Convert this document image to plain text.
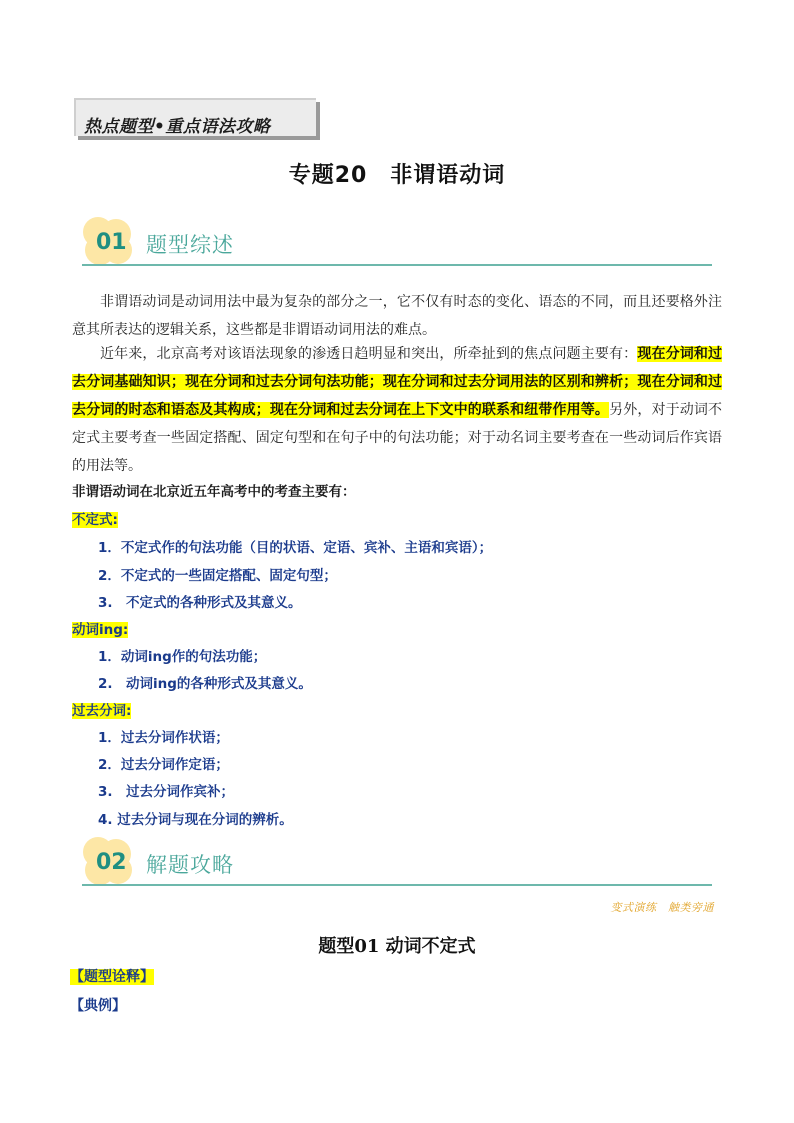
热点题型•重点语法攻略
专题20　非谓语动词
01 题型综述
非谓语动词是动词用法中最为复杂的部分之一，它不仅有时态的变化、语态的不同，而且还要格外注意其所表达的逻辑关系，这些都是非谓语动词用法的难点。
近年来，北京高考对该语法现象的渗透日趋明显和突出，所牵扯到的焦点问题主要有：现在分词和过去分词基础知识；现在分词和过去分词句法功能；现在分词和过去分词用法的区别和辨析；现在分词和过去分词的时态和语态及其构成；现在分词和过去分词在上下文中的联系和纽带作用等。另外，对于动词不定式主要考查一些固定搭配、固定句型和在句子中的句法功能；对于动名词主要考查在一些动词后作宾语的用法等。
非谓语动词在北京近五年高考中的考查主要有：
不定式:
1．不定式作的句法功能（目的状语、定语、宾补、主语和宾语）；
2．不定式的一些固定搭配、固定句型；
3.　不定式的各种形式及其意义。
动词ing:
1．动词ing作的句法功能；
2.　动词ing的各种形式及其意义。
过去分词:
1．过去分词作状语；
2．过去分词作定语；
3.　过去分词作宾补；
4. 过去分词与现在分词的辨析。
02 解题攻略
变式演练　触类旁通
题型01 动词不定式
【题型诠释】
【典例】
